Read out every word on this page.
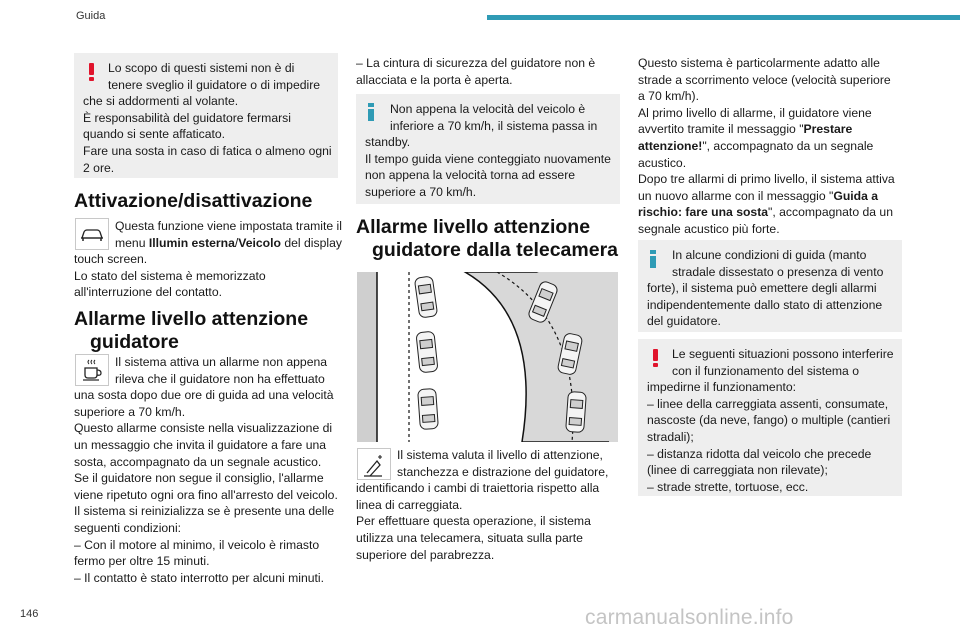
Guida
Lo scopo di questi sistemi non è di
tenere sveglio il guidatore o di impedire
che si addormenti al volante.
È responsabilità del guidatore fermarsi
quando si sente affaticato.
Fare una sosta in caso di fatica o almeno ogni
2 ore.
Attivazione/disattivazione
Questa funzione viene impostata tramite il
menu Illumin esterna/Veicolo del display
touch screen.
Lo stato del sistema è memorizzato
all'interruzione del contatto.
Allarme livello attenzione
guidatore
Il sistema attiva un allarme non appena
rileva che il guidatore non ha effettuato
una sosta dopo due ore di guida ad una velocità
superiore a 70 km/h.
Questo allarme consiste nella visualizzazione di
un messaggio che invita il guidatore a fare una
sosta, accompagnato da un segnale acustico.
Se il guidatore non segue il consiglio, l'allarme
viene ripetuto ogni ora fino all'arresto del veicolo.
Il sistema si reinizializza se è presente una delle
seguenti condizioni:
– Con il motore al minimo, il veicolo è rimasto
fermo per oltre 15 minuti.
– Il contatto è stato interrotto per alcuni minuti.
– La cintura di sicurezza del guidatore non è
allacciata e la porta è aperta.
Non appena la velocità del veicolo è
inferiore a 70 km/h, il sistema passa in
standby.
Il tempo guida viene conteggiato nuovamente
non appena la velocità torna ad essere
superiore a 70 km/h.
Allarme livello attenzione
guidatore dalla telecamera
Il sistema valuta il livello di attenzione,
stanchezza e distrazione del guidatore,
identificando i cambi di traiettoria rispetto alla
linea di carreggiata.
Per effettuare questa operazione, il sistema
utilizza una telecamera, situata sulla parte
superiore del parabrezza.
Questo sistema è particolarmente adatto alle
strade a scorrimento veloce (velocità superiore
a 70 km/h).
Al primo livello di allarme, il guidatore viene
avvertito tramite il messaggio "Prestare
attenzione!", accompagnato da un segnale
acustico.
Dopo tre allarmi di primo livello, il sistema attiva
un nuovo allarme con il messaggio "Guida a
rischio: fare una sosta", accompagnato da un
segnale acustico più forte.
In alcune condizioni di guida (manto
stradale dissestato o presenza di vento
forte), il sistema può emettere degli allarmi
indipendentemente dallo stato di attenzione
del guidatore.
Le seguenti situazioni possono interferire
con il funzionamento del sistema o
impedirne il funzionamento:
– linee della carreggiata assenti, consumate,
nascoste (da neve, fango) o multiple (cantieri
stradali);
– distanza ridotta dal veicolo che precede
(linee di carreggiata non rilevate);
– strade strette, tortuose, ecc.
146	carmanualsonline.info
